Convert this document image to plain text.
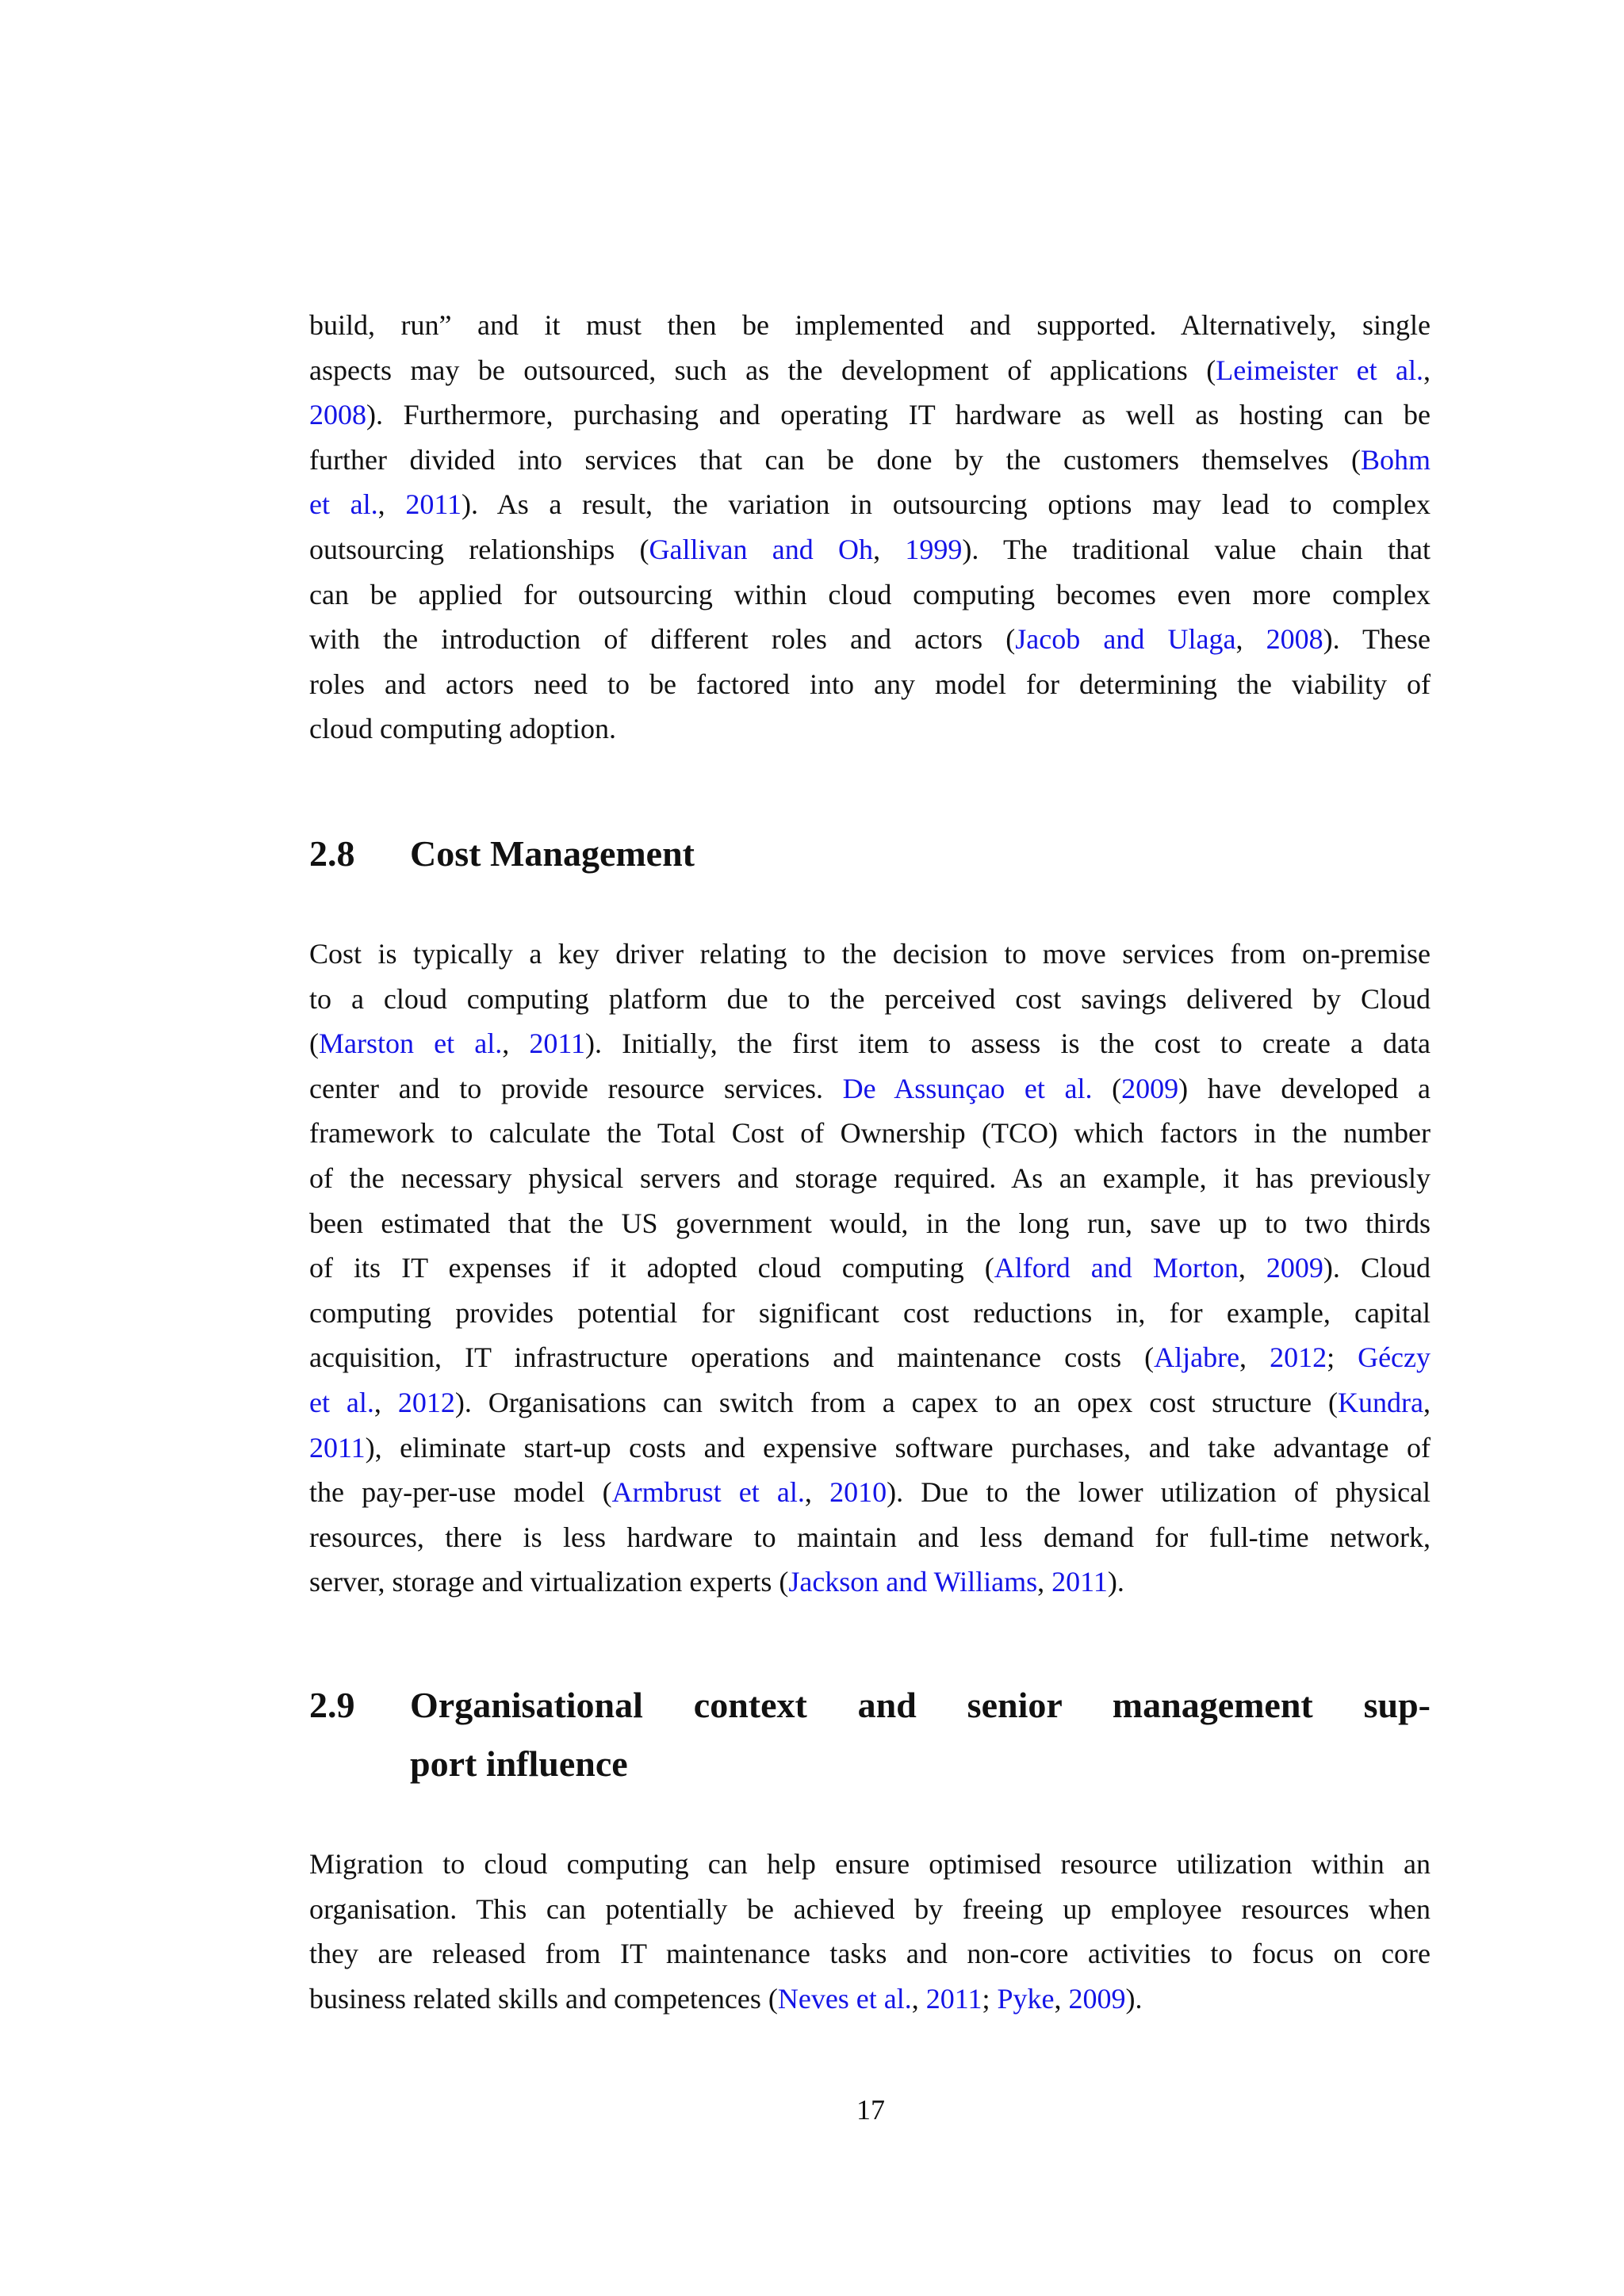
build, run” and it must then be implemented and supported. Alternatively, single
aspects may be outsourced, such as the development of applications (Leimeister et al.,
2008). Furthermore, purchasing and operating IT hardware as well as hosting can be
further divided into services that can be done by the customers themselves (Bohm
et al., 2011). As a result, the variation in outsourcing options may lead to complex
outsourcing relationships (Gallivan and Oh, 1999). The traditional value chain that
can be applied for outsourcing within cloud computing becomes even more complex
with the introduction of different roles and actors (Jacob and Ulaga, 2008). These
roles and actors need to be factored into any model for determining the viability of
cloud computing adoption.
2.8 Cost Management
Cost is typically a key driver relating to the decision to move services from on-premise
to a cloud computing platform due to the perceived cost savings delivered by Cloud
(Marston et al., 2011). Initially, the first item to assess is the cost to create a data
center and to provide resource services. De Assunçao et al. (2009) have developed a
framework to calculate the Total Cost of Ownership (TCO) which factors in the number
of the necessary physical servers and storage required. As an example, it has previously
been estimated that the US government would, in the long run, save up to two thirds
of its IT expenses if it adopted cloud computing (Alford and Morton, 2009). Cloud
computing provides potential for significant cost reductions in, for example, capital
acquisition, IT infrastructure operations and maintenance costs (Aljabre, 2012; Géczy
et al., 2012). Organisations can switch from a capex to an opex cost structure (Kundra,
2011), eliminate start-up costs and expensive software purchases, and take advantage of
the pay-per-use model (Armbrust et al., 2010). Due to the lower utilization of physical
resources, there is less hardware to maintain and less demand for full-time network,
server, storage and virtualization experts (Jackson and Williams, 2011).
2.9 Organisational context and senior management sup-
port influence
Migration to cloud computing can help ensure optimised resource utilization within an
organisation. This can potentially be achieved by freeing up employee resources when
they are released from IT maintenance tasks and non-core activities to focus on core
business related skills and competences (Neves et al., 2011; Pyke, 2009).
17
